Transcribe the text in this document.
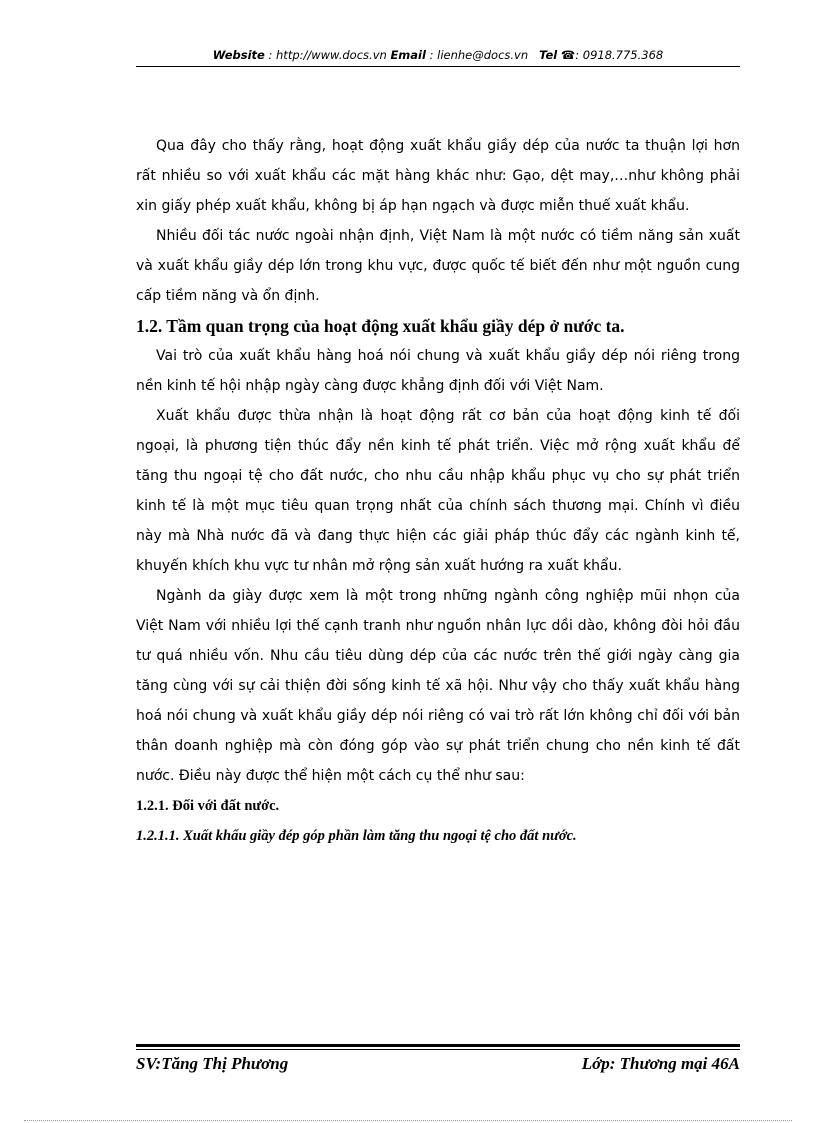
Website : http://www.docs.vn Email : lienhe@docs.vn Tel ☎: 0918.775.368

Qua đây cho thấy rằng, hoạt động xuất khẩu giầy dép của nước ta thuận lợi hơn rất nhiều so với xuất khẩu các mặt hàng khác như: Gạo, dệt may,…như không phải xin giấy phép xuất khẩu, không bị áp hạn ngạch và được miễn thuế xuất khẩu.

Nhiều đối tác nước ngoài nhận định, Việt Nam là một nước có tiềm năng sản xuất và xuất khẩu giầy dép lớn trong khu vực, được quốc tế biết đến như một nguồn cung cấp tiềm năng và ổn định.

1.2. Tầm quan trọng của hoạt động xuất khẩu giầy dép ở nước ta.

Vai trò của xuất khẩu hàng hoá nói chung và xuất khẩu giầy dép nói riêng trong nền kinh tế hội nhập ngày càng được khẳng định đối với Việt Nam.

Xuất khẩu được thừa nhận là hoạt động rất cơ bản của hoạt động kinh tế đối ngoại, là phương tiện thúc đẩy nền kinh tế phát triển. Việc mở rộng xuất khẩu để tăng thu ngoại tệ cho đất nước, cho nhu cầu nhập khẩu phục vụ cho sự phát triển kinh tế là một mục tiêu quan trọng nhất của chính sách thương mại. Chính vì điều này mà Nhà nước đã và đang thực hiện các giải pháp thúc đẩy các ngành kinh tế, khuyến khích khu vực tư nhân mở rộng sản xuất hướng ra xuất khẩu.

Ngành da giày được xem là một trong những ngành công nghiệp mũi nhọn của Việt Nam với nhiều lợi thế cạnh tranh như nguồn nhân lực dồi dào, không đòi hỏi đầu tư quá nhiều vốn. Nhu cầu tiêu dùng dép của các nước trên thế giới ngày càng gia tăng cùng với sự cải thiện đời sống kinh tế xã hội. Như vậy cho thấy xuất khẩu hàng hoá nói chung và xuất khẩu giầy dép nói riêng có vai trò rất lớn không chỉ đối với bản thân doanh nghiệp mà còn đóng góp vào sự phát triển chung cho nền kinh tế đất nước. Điều này được thể hiện một cách cụ thể như sau:

1.2.1. Đối với đất nước.

1.2.1.1. Xuất khẩu giầy đép góp phần làm tăng thu ngoại tệ cho đất nước.

SV:Tăng Thị Phương	Lớp: Thương mại 46A
